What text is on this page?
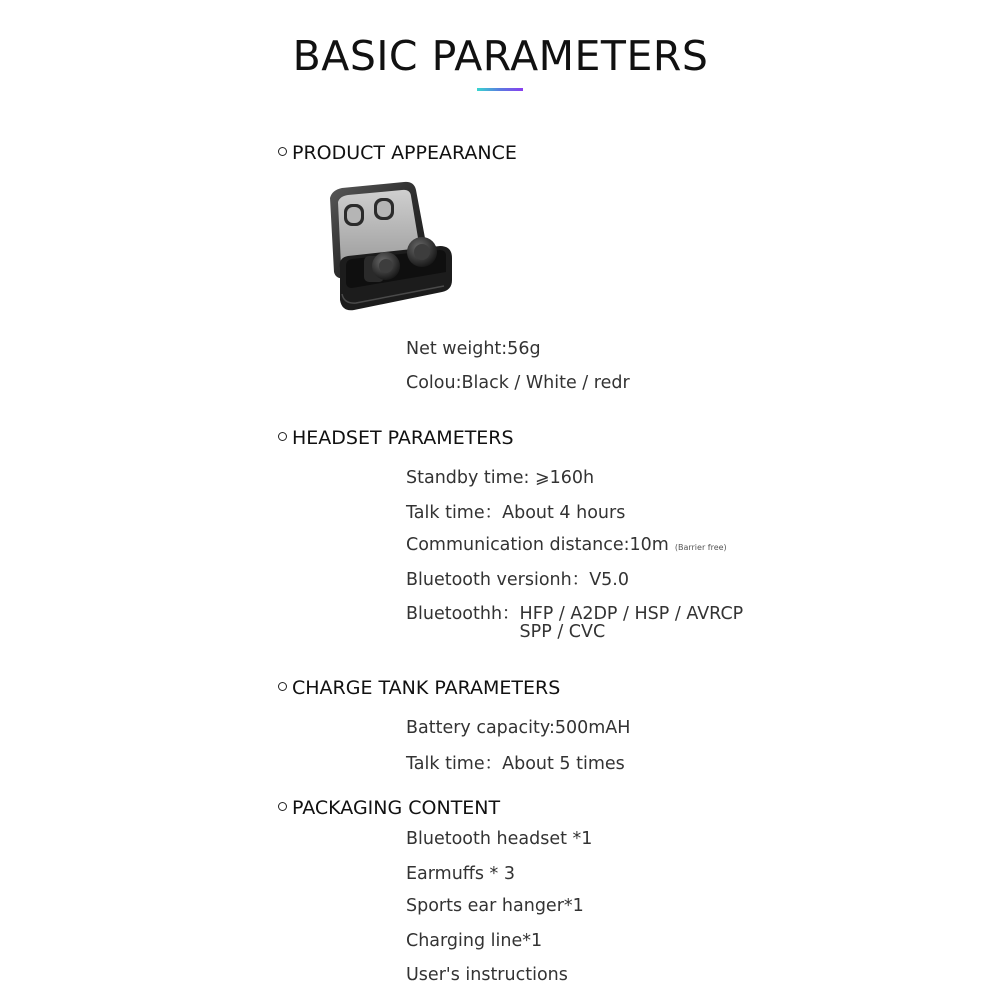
BASIC PARAMETERS
PRODUCT APPEARANCE
Net weight:56g
Colou:Black / White / redr
HEADSET PARAMETERS
Standby time: ⩾160h
Talk time：About 4 hours
Communication distance:10m (Barrier free)
Bluetooth versionh：V5.0
Bluetoothh： HFP / A2DP / HSP / AVRCP
SPP / CVC
CHARGE TANK PARAMETERS
Battery capacity:500mAH
Talk time：About 5 times
PACKAGING CONTENT
Bluetooth headset *1
Earmuffs * 3
Sports ear hanger*1
Charging line*1
User's instructions
